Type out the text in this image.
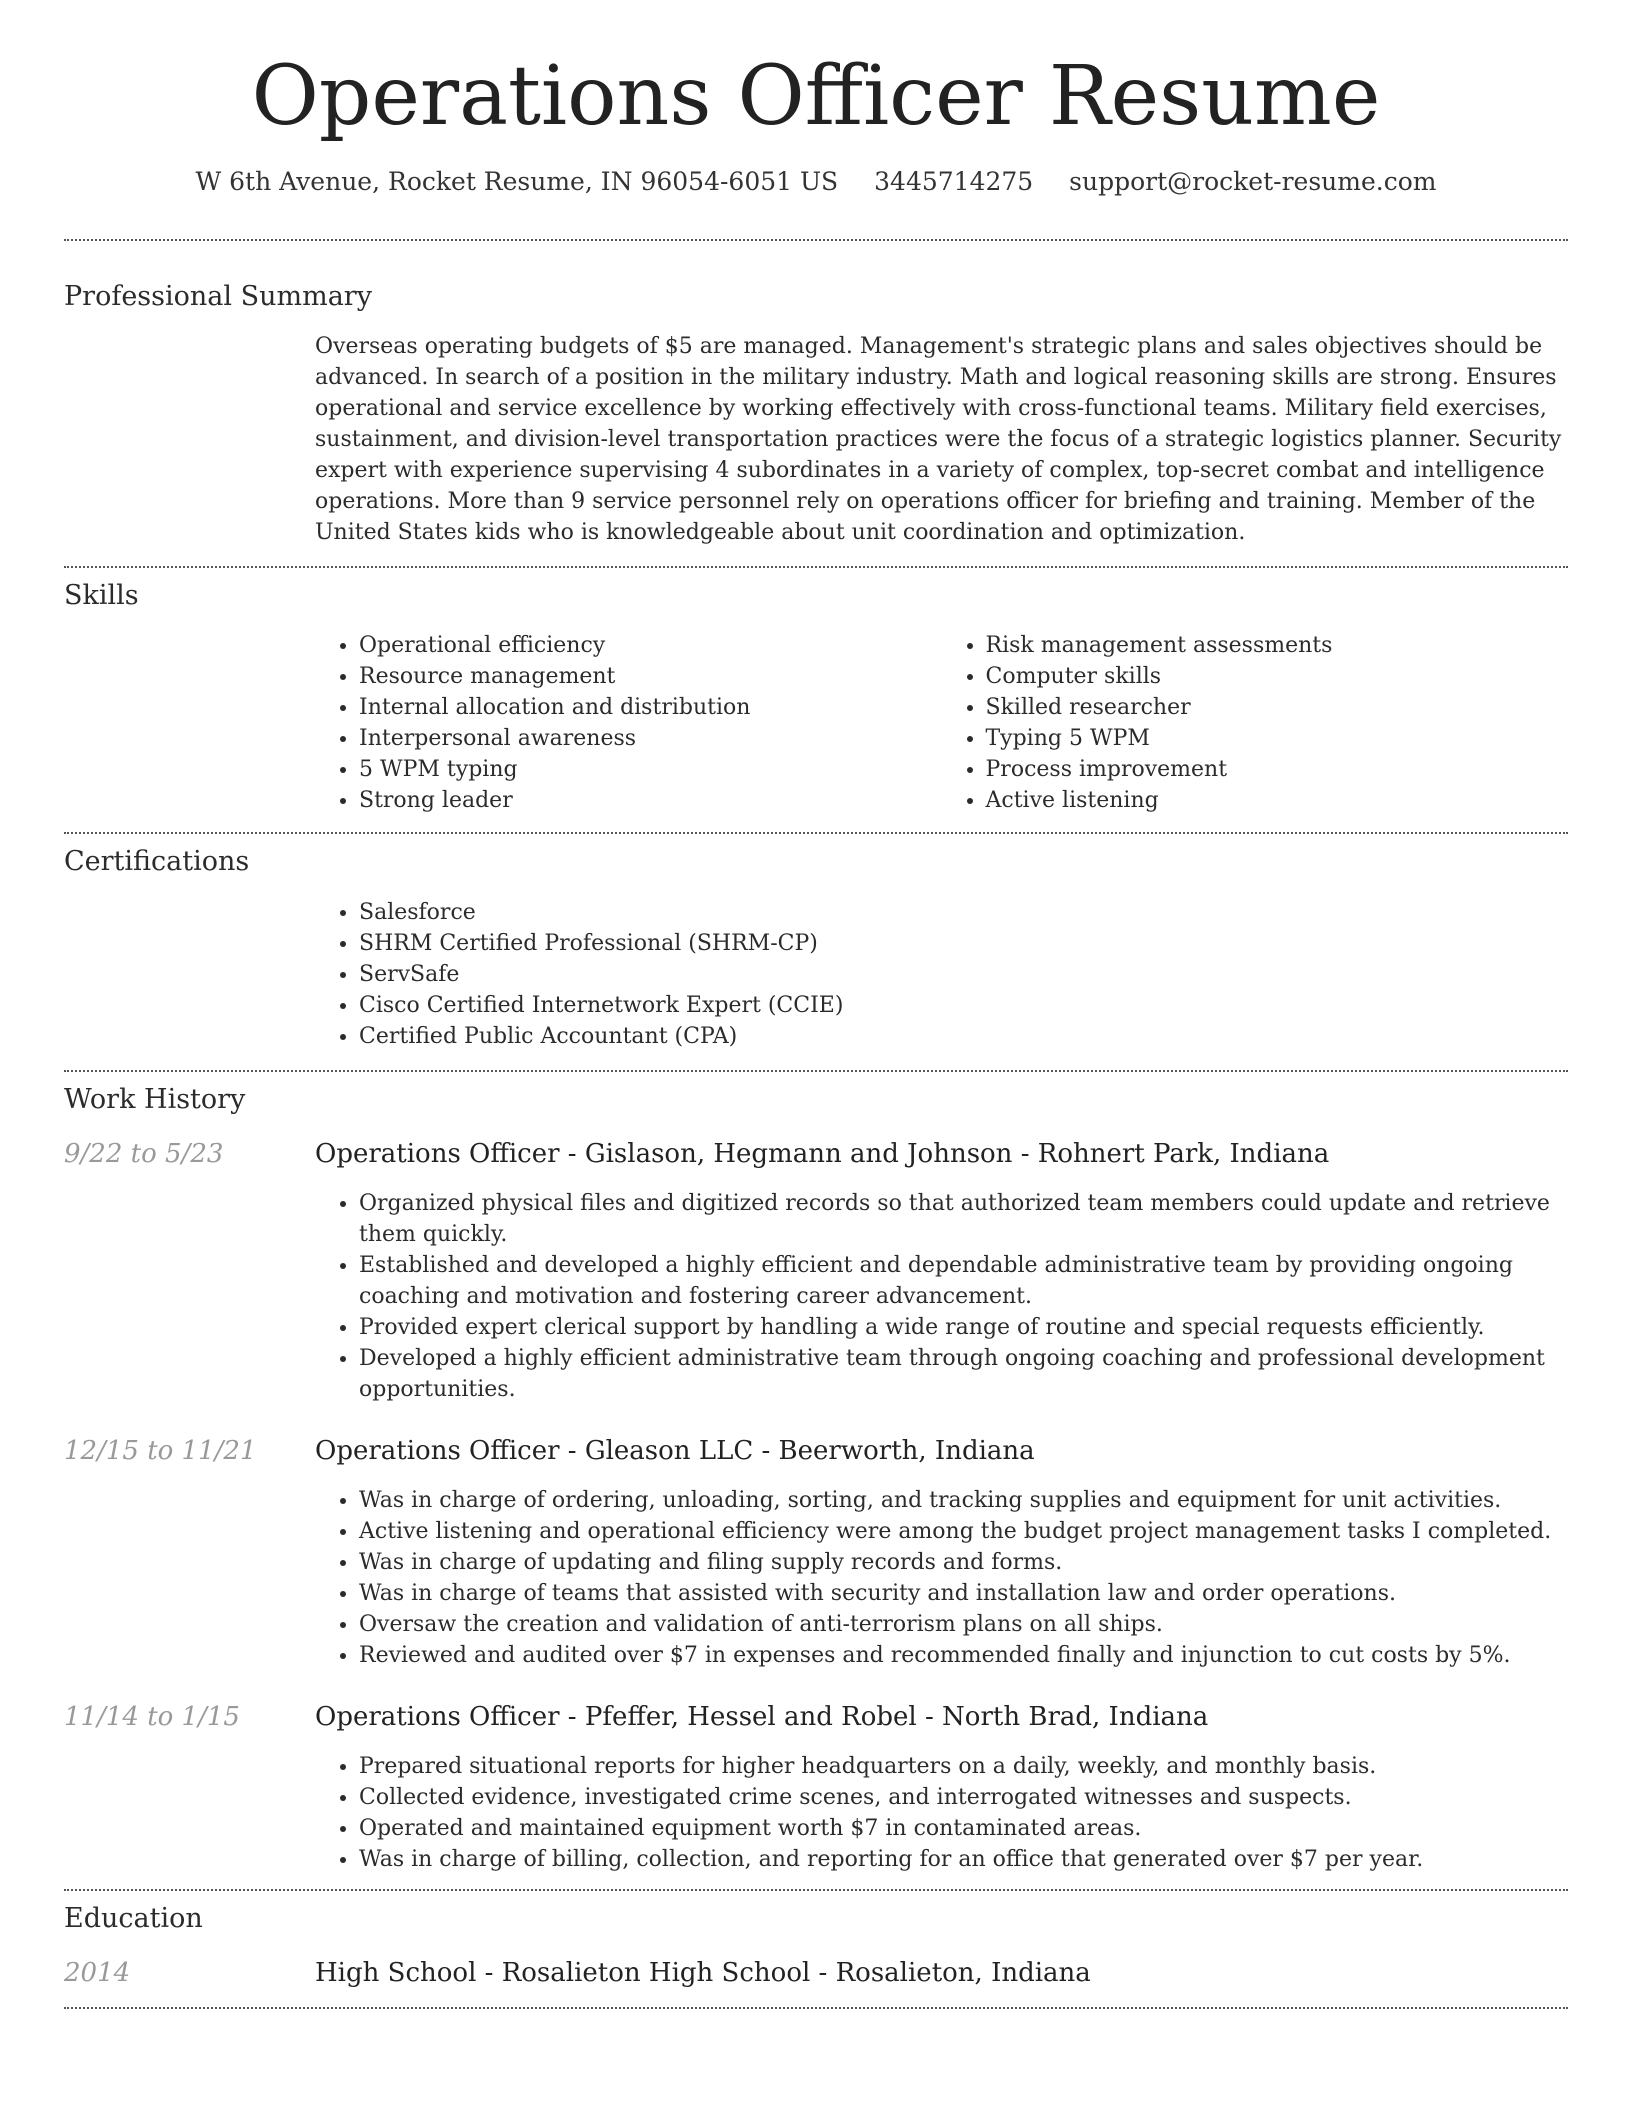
Operations Officer Resume
W 6th Avenue, Rocket Resume, IN 96054-6051 US 3445714275 support@rocket-resume.com
Professional Summary

Overseas operating budgets of $5 are managed. Management's strategic plans and sales objectives should be advanced. In search of a position in the military industry. Math and logical reasoning skills are strong. Ensures operational and service excellence by working effectively with cross-functional teams. Military field exercises, sustainment, and division-level transportation practices were the focus of a strategic logistics planner. Security expert with experience supervising 4 subordinates in a variety of complex, top-secret combat and intelligence operations. More than 9 service personnel rely on operations officer for briefing and training. Member of the United States kids who is knowledgeable about unit coordination and optimization.

Skills
• Operational efficiency
• Resource management
• Internal allocation and distribution
• Interpersonal awareness
• 5 WPM typing
• Strong leader
• Risk management assessments
• Computer skills
• Skilled researcher
• Typing 5 WPM
• Process improvement
• Active listening
Certifications
• Salesforce
• SHRM Certified Professional (SHRM-CP)
• ServSafe
• Cisco Certified Internetwork Expert (CCIE)
• Certified Public Accountant (CPA)
Work History
9/22 to 5/23	Operations Officer - Gislason, Hegmann and Johnson - Rohnert Park, Indiana
• Organized physical files and digitized records so that authorized team members could update and retrieve them quickly.
• Established and developed a highly efficient and dependable administrative team by providing ongoing coaching and motivation and fostering career advancement.
• Provided expert clerical support by handling a wide range of routine and special requests efficiently.
• Developed a highly efficient administrative team through ongoing coaching and professional development opportunities.
12/15 to 11/21	Operations Officer - Gleason LLC - Beerworth, Indiana
• Was in charge of ordering, unloading, sorting, and tracking supplies and equipment for unit activities.
• Active listening and operational efficiency were among the budget project management tasks I completed.
• Was in charge of updating and filing supply records and forms.
• Was in charge of teams that assisted with security and installation law and order operations.
• Oversaw the creation and validation of anti-terrorism plans on all ships.
• Reviewed and audited over $7 in expenses and recommended finally and injunction to cut costs by 5%.
11/14 to 1/15	Operations Officer - Pfeffer, Hessel and Robel - North Brad, Indiana
• Prepared situational reports for higher headquarters on a daily, weekly, and monthly basis.
• Collected evidence, investigated crime scenes, and interrogated witnesses and suspects.
• Operated and maintained equipment worth $7 in contaminated areas.
• Was in charge of billing, collection, and reporting for an office that generated over $7 per year.
Education
2014	High School - Rosalieton High School - Rosalieton, Indiana
